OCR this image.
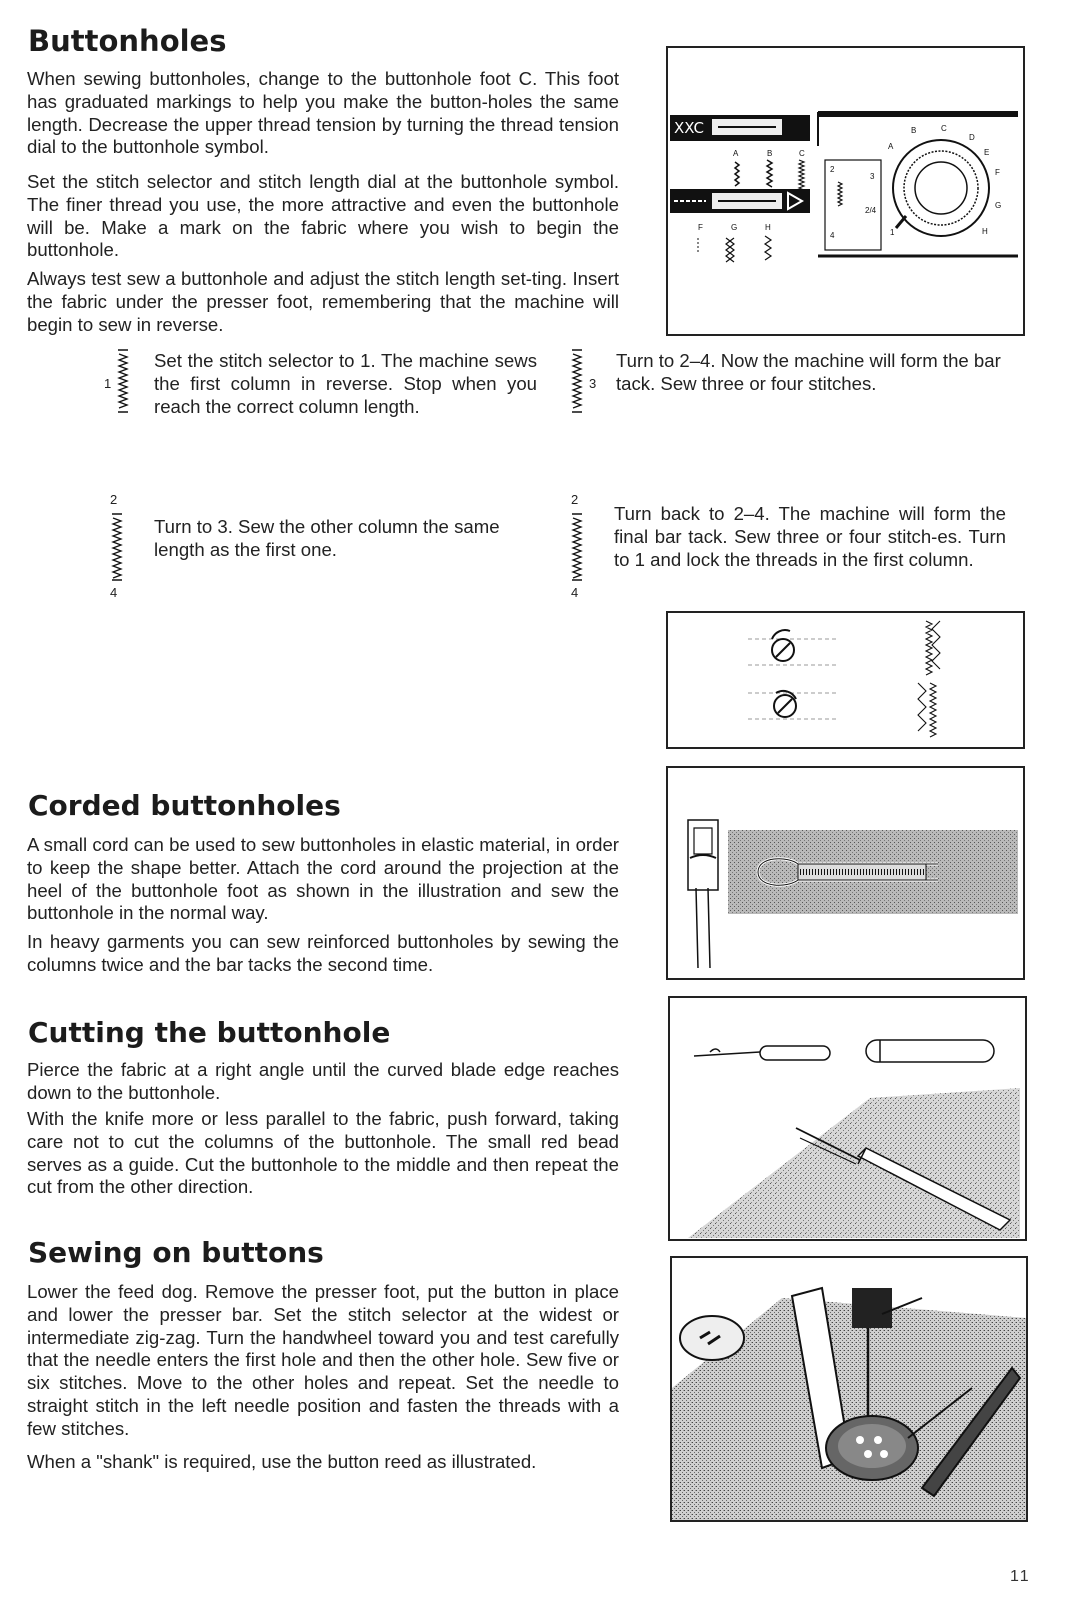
Buttonholes

When sewing buttonholes, change to the buttonhole foot C. This foot has graduated markings to help you make the button-holes the same length. Decrease the upper thread tension by turning the thread tension dial to the buttonhole symbol.

Set the stitch selector and stitch length dial at the buttonhole symbol. The finer thread you use, the more attractive and even the buttonhole will be. Make a mark on the fabric where you wish to begin the buttonhole.

Always test sew a buttonhole and adjust the stitch length set-ting. Insert the fabric under the presser foot, remembering that the machine will begin to sew in reverse.

XXC
A	B	C
F	G	H
2
4
3
B	C
D
E
F
G
H
A
2/4
1
1

Set the stitch selector to 1. The machine sews the first column in reverse. Stop when you reach the correct column length.

3

Turn to 2–4. Now the machine will form the bar tack. Sew three or four stitches.

2
4

Turn to 3. Sew the other column the same length as the first one.

2
4

Turn back to 2–4. The machine will form the final bar tack. Sew three or four stitch-es. Turn to 1 and lock the threads in the first column.

Corded buttonholes

A small cord can be used to sew buttonholes in elastic material, in order to keep the shape better. Attach the cord around the projection at the heel of the buttonhole foot as shown in the illustration and sew the buttonhole in the normal way.

In heavy garments you can sew reinforced buttonholes by sewing the columns twice and the bar tacks the second time.

Cutting the buttonhole

Pierce the fabric at a right angle until the curved blade edge reaches down to the buttonhole.

With the knife more or less parallel to the fabric, push forward, taking care not to cut the columns of the buttonhole. The small red bead serves as a guide. Cut the buttonhole to the middle and then repeat the cut from the other direction.

Sewing on buttons

Lower the feed dog. Remove the presser foot, put the button in place and lower the presser bar. Set the stitch selector at the widest or intermediate zig-zag. Turn the handwheel toward you and test carefully that the needle enters the first hole and then the other hole. Sew five or six stitches. Move to the other holes and repeat. Set the needle to straight stitch in the left needle position and fasten the threads with a few stitches.

When a "shank" is required, use the button reed as illustrated.

11
